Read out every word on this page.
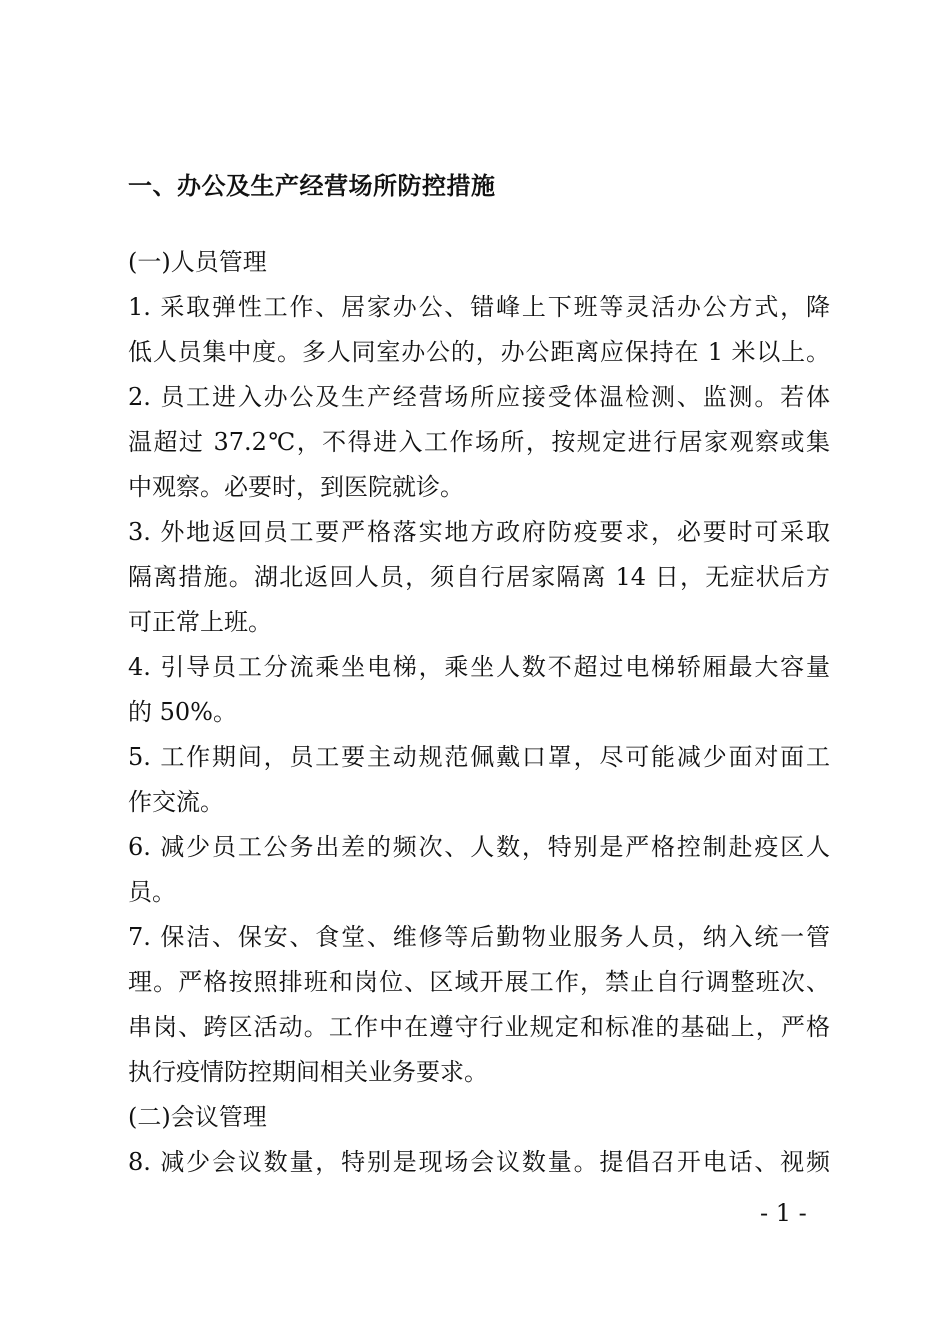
一、办公及生产经营场所防控措施
(一)人员管理
1. 采取弹性工作、居家办公、错峰上下班等灵活办公方式，降
低人员集中度。多人同室办公的，办公距离应保持在 1 米以上。
2. 员工进入办公及生产经营场所应接受体温检测、监测。若体
温超过 37.2℃，不得进入工作场所，按规定进行居家观察或集
中观察。必要时，到医院就诊。
3. 外地返回员工要严格落实地方政府防疫要求，必要时可采取
隔离措施。湖北返回人员，须自行居家隔离 14 日，无症状后方
可正常上班。
4. 引导员工分流乘坐电梯，乘坐人数不超过电梯轿厢最大容量
的 50%。
5. 工作期间，员工要主动规范佩戴口罩，尽可能减少面对面工
作交流。
6. 减少员工公务出差的频次、人数，特别是严格控制赴疫区人
员。
7. 保洁、保安、食堂、维修等后勤物业服务人员，纳入统一管
理。严格按照排班和岗位、区域开展工作，禁止自行调整班次、
串岗、跨区活动。工作中在遵守行业规定和标准的基础上，严格
执行疫情防控期间相关业务要求。
(二)会议管理
8. 减少会议数量，特别是现场会议数量。提倡召开电话、视频
- 1 -
